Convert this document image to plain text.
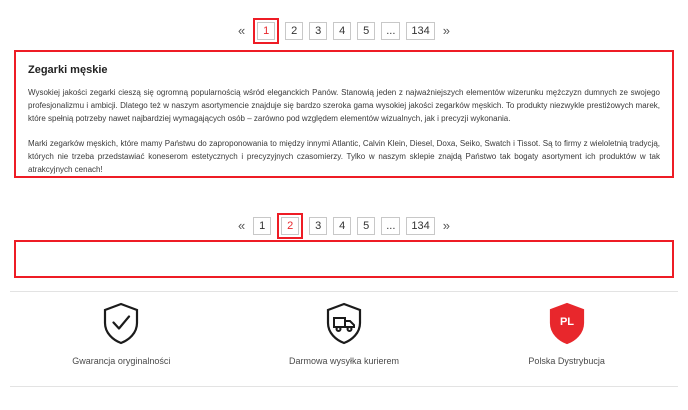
«	1	2	3	4	5	...	134	»
Zegarki męskie

Wysokiej jakości zegarki cieszą się ogromną popularnością wśród eleganckich Panów. Stanowią jeden z najważniejszych elementów wizerunku mężczyzn dumnych ze swojego profesjonalizmu i ambicji. Dlatego też w naszym asortymencie znajduje się bardzo szeroka gama wysokiej jakości zegarków męskich. To produkty niezwykle prestiżowych marek, które spełnią potrzeby nawet najbardziej wymagających osób – zarówno pod względem elementów wizualnych, jak i precyzji wykonania.

Marki zegarków męskich, które mamy Państwu do zaproponowania to między innymi Atlantic, Calvin Klein, Diesel, Doxa, Seiko, Swatch i Tissot. Są to firmy z wieloletnią tradycją, których nie trzeba przedstawiać koneserom estetycznych i precyzyjnych czasomierzy. Tylko w naszym sklepie znajdą Państwo tak bogaty asortyment ich produktów w tak atrakcyjnych cenach!

«	1	2	3	4	5	...	134	»
Gwarancja oryginalności	Darmowa wysyłka kurierem
PL
Polska Dystrybucja
